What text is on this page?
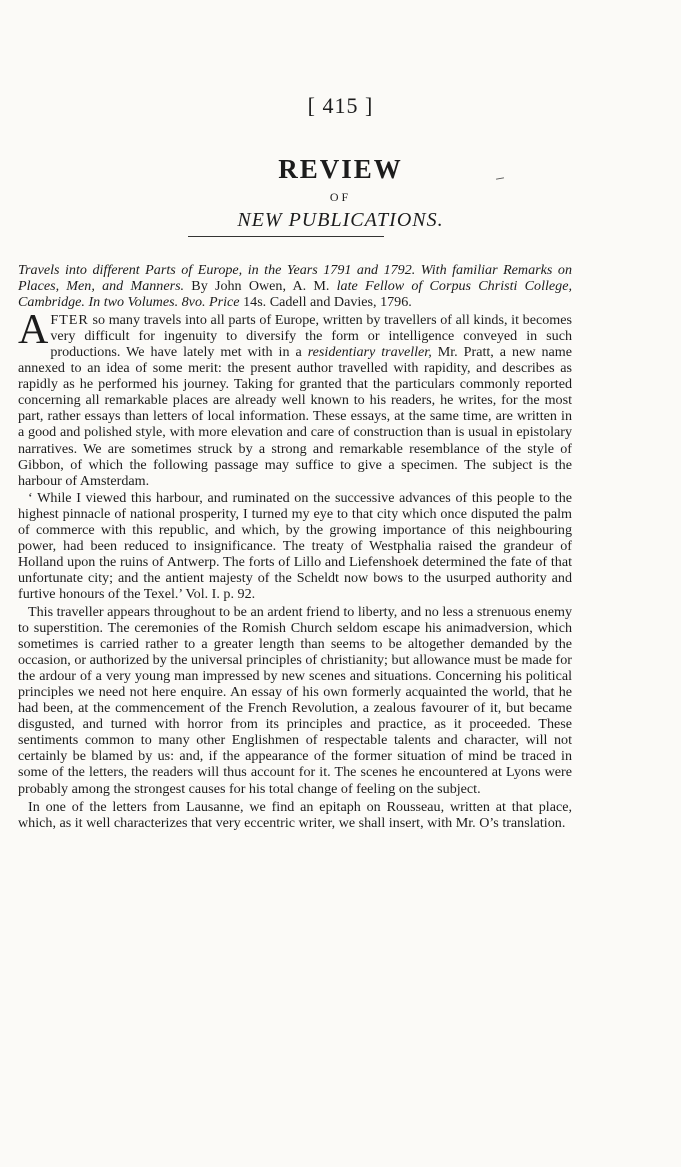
[ 415 ]
REVIEW
OF
NEW PUBLICATIONS.

Travels into different Parts of Europe, in the Years 1791 and 1792. With familiar Remarks on Places, Men, and Manners. By John Owen, A. M. late Fellow of Corpus Christi College, Cambridge. In two Volumes. 8vo. Price 14s. Cadell and Davies, 1796.

AFTER so many travels into all parts of Europe, written by travellers of all kinds, it becomes very difficult for ingenuity to diversify the form or intelligence conveyed in such productions. We have lately met with in a residentiary traveller, Mr. Pratt, a new name annexed to an idea of some merit: the present author travelled with rapidity, and describes as rapidly as he performed his journey. Taking for granted that the particulars commonly reported concerning all remarkable places are already well known to his readers, he writes, for the most part, rather essays than letters of local information. These essays, at the same time, are written in a good and polished style, with more elevation and care of construction than is usual in epistolary narratives. We are sometimes struck by a strong and remarkable resemblance of the style of Gibbon, of which the following passage may suffice to give a specimen. The subject is the harbour of Amsterdam.

‘ While I viewed this harbour, and ruminated on the successive advances of this people to the highest pinnacle of national prosperity, I turned my eye to that city which once disputed the palm of commerce with this republic, and which, by the growing importance of this neighbouring power, had been reduced to insignificance. The treaty of Westphalia raised the grandeur of Holland upon the ruins of Antwerp. The forts of Lillo and Liefenshoek determined the fate of that unfortunate city; and the antient majesty of the Scheldt now bows to the usurped authority and furtive honours of the Texel.’ Vol. I. p. 92.

This traveller appears throughout to be an ardent friend to liberty, and no less a strenuous enemy to superstition. The ceremonies of the Romish Church seldom escape his animadversion, which sometimes is carried rather to a greater length than seems to be altogether demanded by the occasion, or authorized by the universal principles of christianity; but allowance must be made for the ardour of a very young man impressed by new scenes and situations. Concerning his political principles we need not here enquire. An essay of his own formerly acquainted the world, that he had been, at the commencement of the French Revolution, a zealous favourer of it, but became disgusted, and turned with horror from its principles and practice, as it proceeded. These sentiments common to many other Englishmen of respectable talents and character, will not certainly be blamed by us: and, if the appearance of the former situation of mind be traced in some of the letters, the readers will thus account for it. The scenes he encountered at Lyons were probably among the strongest causes for his total change of feeling on the subject.

In one of the letters from Lausanne, we find an epitaph on Rousseau, written at that place, which, as it well characterizes that very eccentric writer, we shall insert, with Mr. O’s translation.
